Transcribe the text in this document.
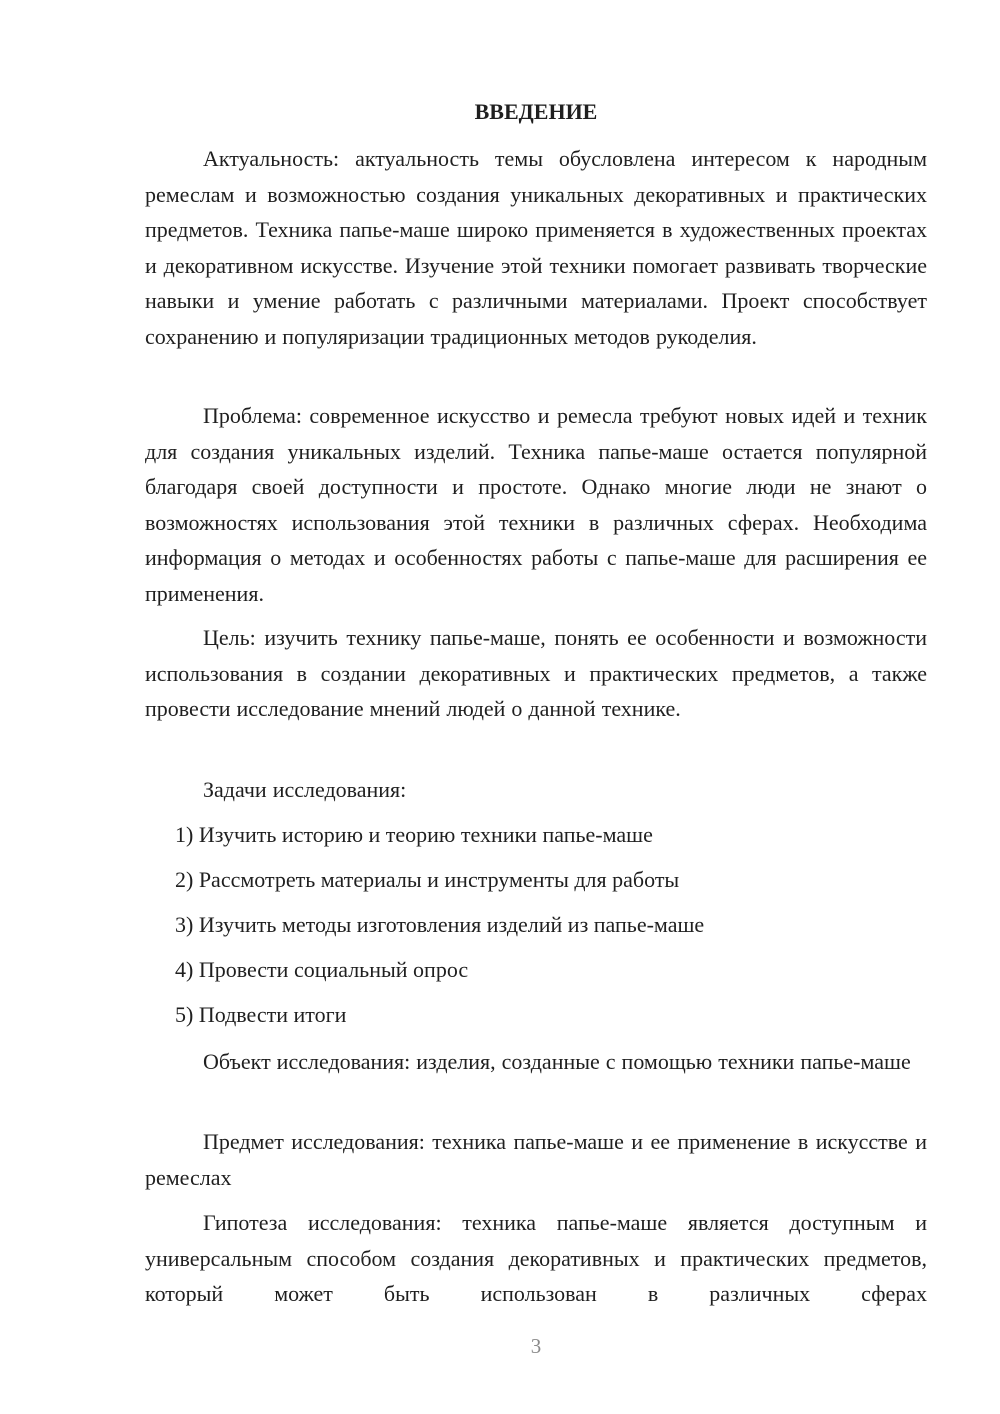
ВВЕДЕНИЕ

Актуальность: актуальность темы обусловлена интересом к народным ремеслам и возможностью создания уникальных декоративных и практических предметов. Техника папье-маше широко применяется в художественных проектах и декоративном искусстве. Изучение этой техники помогает развивать творческие навыки и умение работать с различными материалами. Проект способствует сохранению и популяризации традиционных методов рукоделия.

Проблема: современное искусство и ремесла требуют новых идей и техник для создания уникальных изделий. Техника папье-маше остается популярной благодаря своей доступности и простоте. Однако многие люди не знают о возможностях использования этой техники в различных сферах. Необходима информация о методах и особенностях работы с папье-маше для расширения ее применения.

Цель: изучить технику папье-маше, понять ее особенности и возможности использования в создании декоративных и практических предметов, а также провести исследование мнений людей о данной технике.

Задачи исследования:

1) Изучить историю и теорию техники папье-маше
2) Рассмотреть материалы и инструменты для работы
3) Изучить методы изготовления изделий из папье-маше
4) Провести социальный опрос
5) Подвести итоги

Объект исследования: изделия, созданные с помощью техники папье-маше

Предмет исследования: техника папье-маше и ее применение в искусстве и ремеслах

Гипотеза исследования: техника папье-маше является доступным и универсальным способом создания декоративных и практических предметов, который может быть использован в различных сферах

3
